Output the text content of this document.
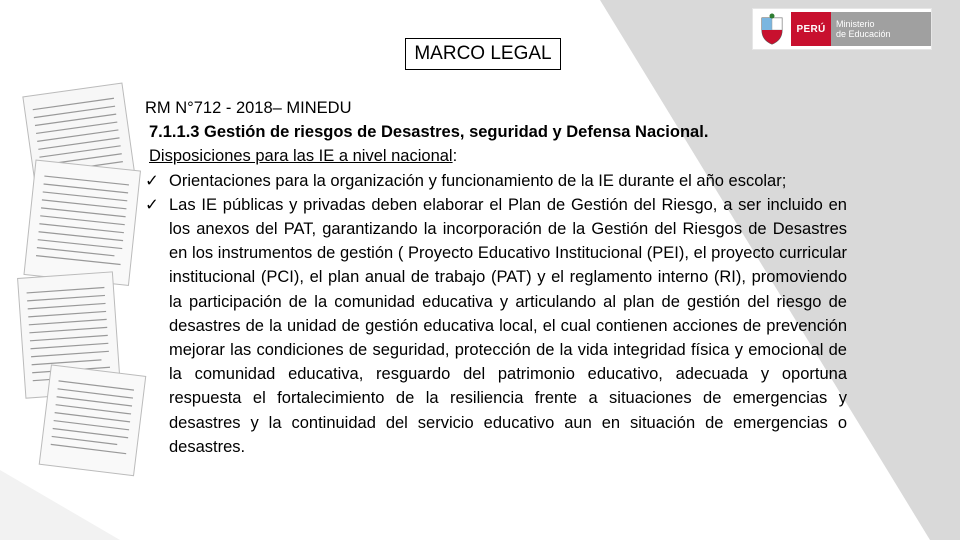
PERÚ	Ministerio
de Educación
MARCO LEGAL

RM N°712 - 2018– MINEDU

7.1.1.3 Gestión de riesgos de Desastres, seguridad y Defensa Nacional.

Disposiciones para las IE a nivel nacional:

✓ Orientaciones para la organización y funcionamiento de la IE durante el año escolar;
✓ Las IE públicas y privadas deben elaborar el Plan de Gestión del Riesgo, a ser incluido en los anexos del PAT, garantizando la incorporación de la Gestión del Riesgos de Desastres en los instrumentos de gestión ( Proyecto Educativo Institucional (PEI), el proyecto curricular institucional (PCI), el plan anual de trabajo (PAT) y el reglamento interno (RI), promoviendo la participación de la comunidad educativa y articulando al plan de gestión del riesgo de desastres de la unidad de gestión educativa local, el cual contienen acciones de prevención mejorar las condiciones de seguridad, protección de la vida integridad física y emocional de la comunidad educativa, resguardo del patrimonio educativo, adecuada y oportuna respuesta el fortalecimiento de la resiliencia frente a situaciones de emergencias y desastres y la continuidad del servicio educativo aun en situación de emergencias o desastres.
